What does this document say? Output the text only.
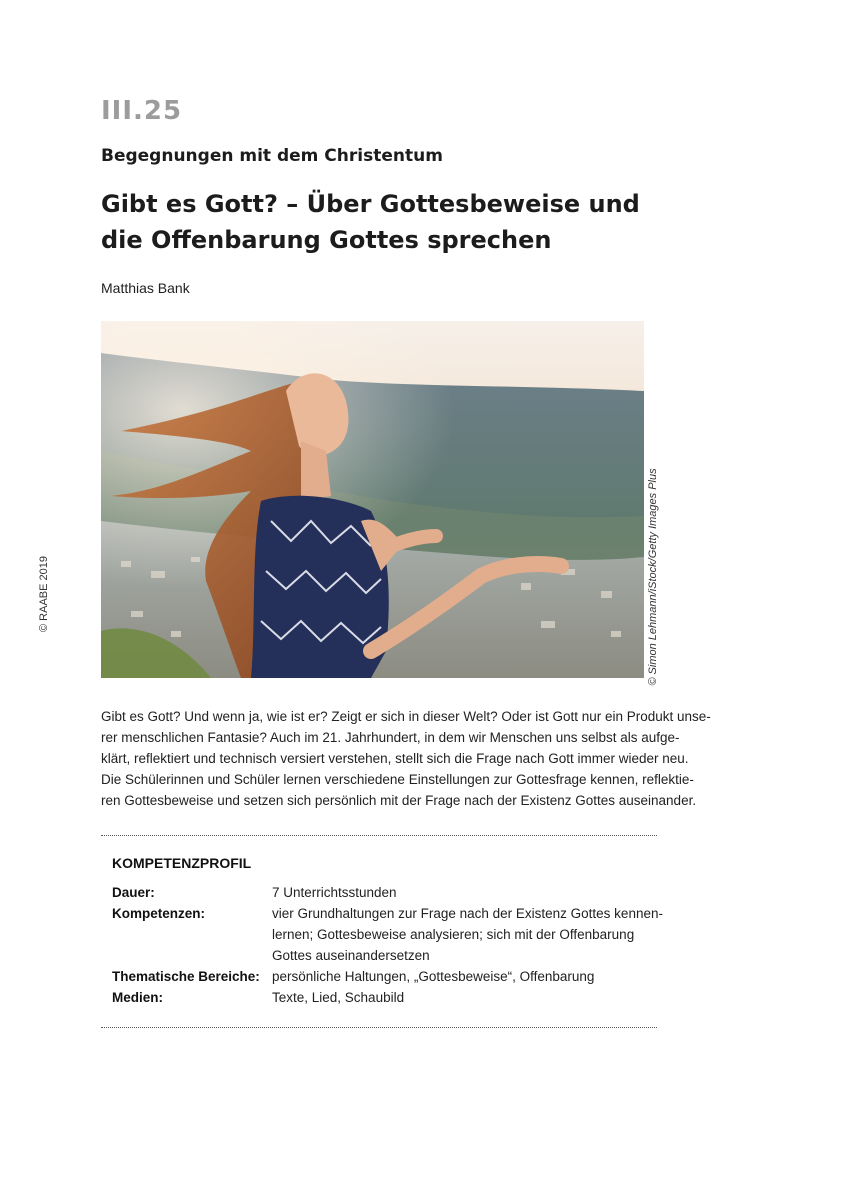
III.25
Begegnungen mit dem Christentum
Gibt es Gott? – Über Gottesbeweise und
die Offenbarung Gottes sprechen

Matthias Bank

© RAABE 2019	© Simon Lehmann/iStock/Getty Images Plus
Gibt es Gott? Und wenn ja, wie ist er? Zeigt er sich in dieser Welt? Oder ist Gott nur ein Produkt unse-
rer menschlichen Fantasie? Auch im 21. Jahrhundert, in dem wir Menschen uns selbst als aufge-
klärt, reflektiert und technisch versiert verstehen, stellt sich die Frage nach Gott immer wieder neu.
Die Schülerinnen und Schüler lernen verschiedene Einstellungen zur Gottesfrage kennen, reflektie-
ren Gottesbeweise und setzen sich persönlich mit der Frage nach der Existenz Gottes auseinander.
KOMPETENZPROFIL
Dauer:	7 Unterrichtsstunden
Kompetenzen:	vier Grundhaltungen zur Frage nach der Existenz Gottes kennen-
lernen; Gottesbeweise analysieren; sich mit der Offenbarung
Gottes auseinandersetzen
Thematische Bereiche: persönliche Haltungen, „Gottesbeweise“, Offenbarung
Medien:	Texte, Lied, Schaubild
